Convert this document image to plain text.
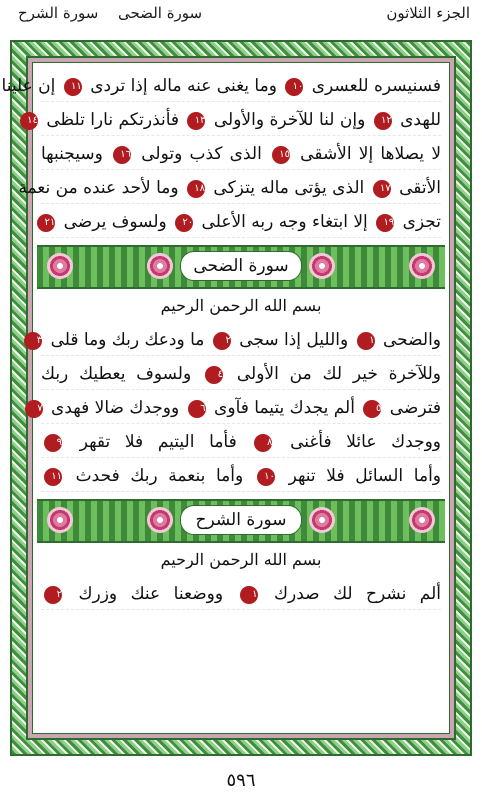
الجزء الثلاثون
سورة الضحى
سورة الشرح
فسنيسره للعسرى ١٠ وما يغنى عنه ماله إذا تردى ١١ إن علينا
للهدى ١٢ وإن لنا للآخرة والأولى ١٣ فأنذرتكم نارا تلظى ١٤
لا يصلاها إلا الأشقى ١٥ الذى كذب وتولى ١٦ وسيجنبها
الأتقى ١٧ الذى يؤتى ماله يتزكى ١٨ وما لأحد عنده من نعمة
تجزى ١٩ إلا ابتغاء وجه ربه الأعلى ٢٠ ولسوف يرضى ٢١
سورة الضحى
بسم الله الرحمن الرحيم
والضحى ١ والليل إذا سجى ٢ ما ودعك ربك وما قلى ٣
وللآخرة خير لك من الأولى ٤ ولسوف يعطيك ربك
فترضى ٥ ألم يجدك يتيما فآوى ٦ ووجدك ضالا فهدى ٧
ووجدك عائلا فأغنى ٨ فأما اليتيم فلا تقهر ٩
وأما السائل فلا تنهر ١٠ وأما بنعمة ربك فحدث ١١
سورة الشرح
بسم الله الرحمن الرحيم
ألم نشرح لك صدرك ١ ووضعنا عنك وزرك ٢
٥٩٦
